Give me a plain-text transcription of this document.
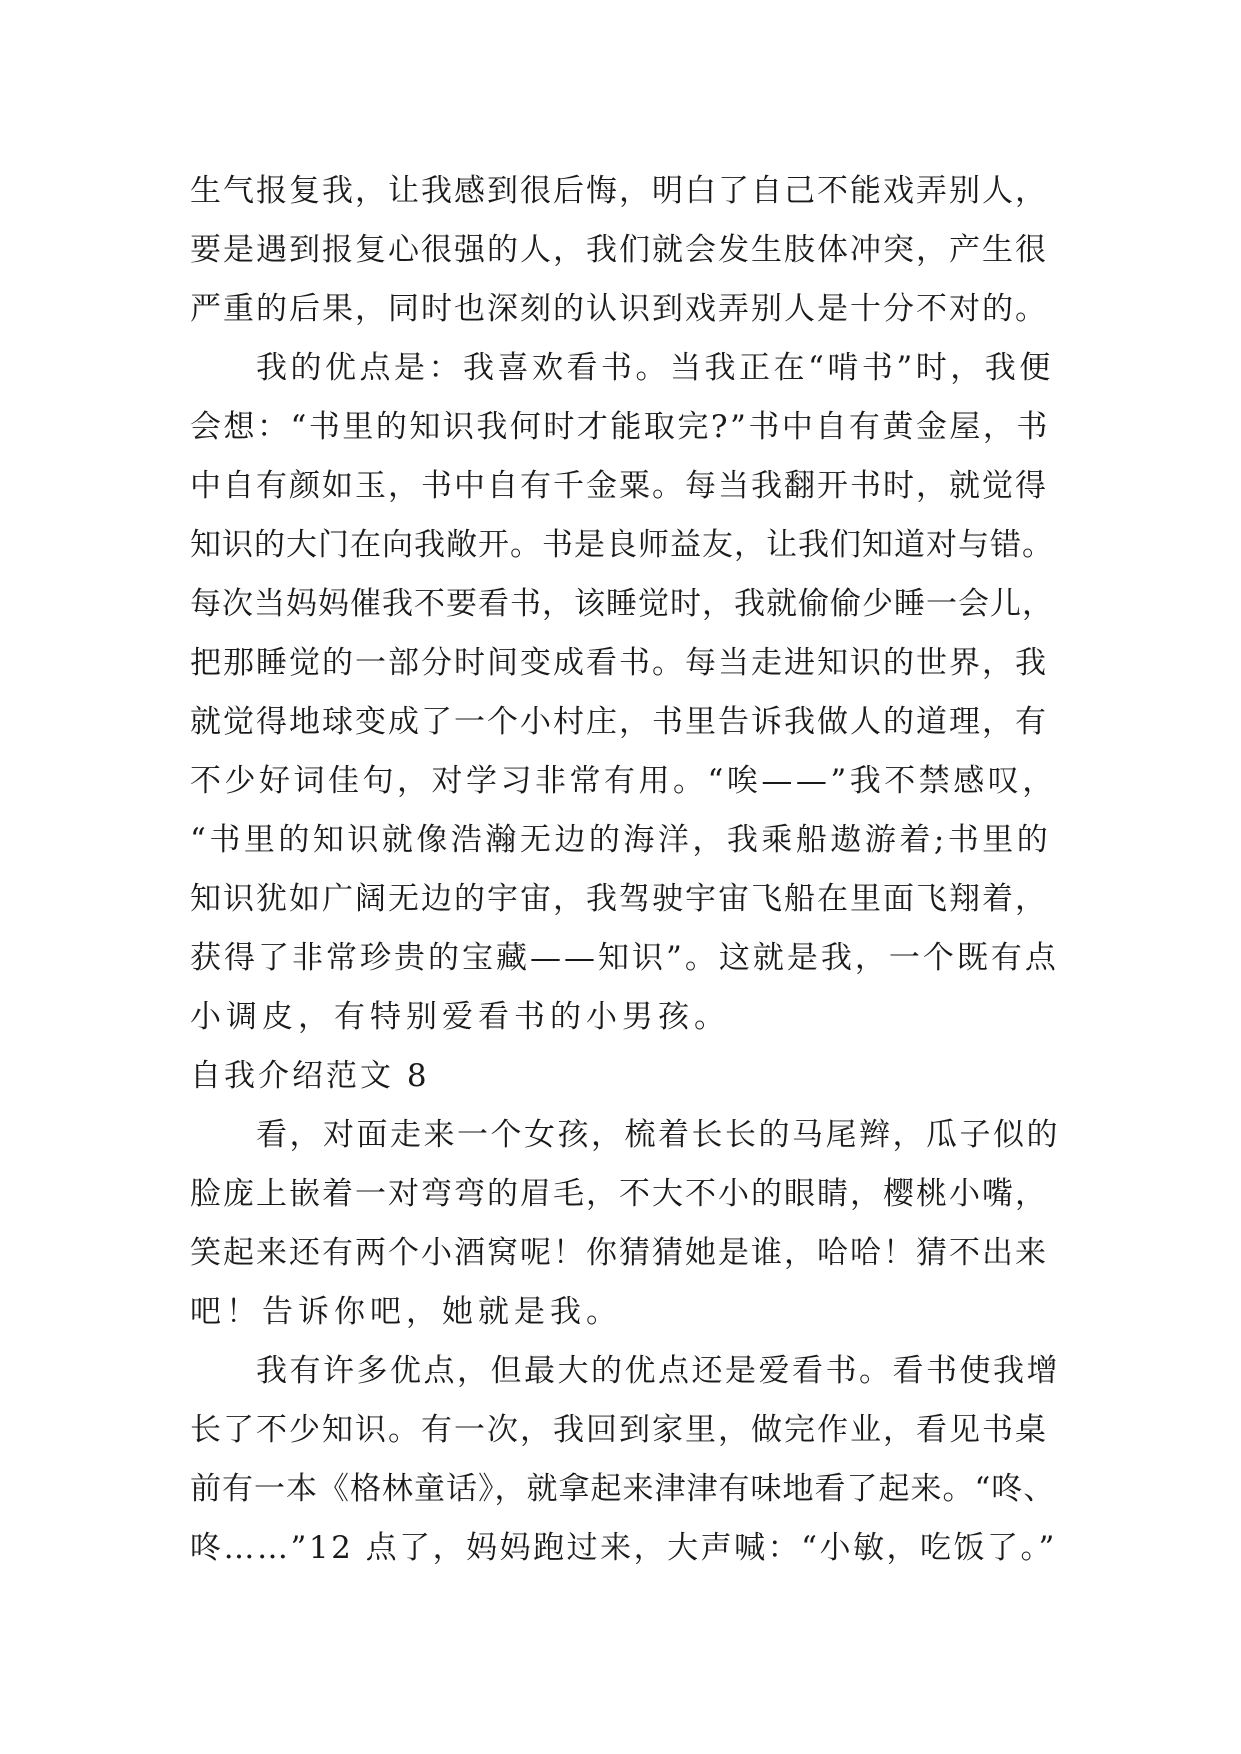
生气报复我，让我感到很后悔，明白了自己不能戏弄别人，
要是遇到报复心很强的人，我们就会发生肢体冲突，产生很
严重的后果，同时也深刻的认识到戏弄别人是十分不对的。
我的优点是：我喜欢看书。当我正在“啃书”时，我便
会想：“书里的知识我何时才能取完?”书中自有黄金屋，书
中自有颜如玉，书中自有千金粟。每当我翻开书时，就觉得
知识的大门在向我敞开。书是良师益友，让我们知道对与错。
每次当妈妈催我不要看书，该睡觉时，我就偷偷少睡一会儿，
把那睡觉的一部分时间变成看书。每当走进知识的世界，我
就觉得地球变成了一个小村庄，书里告诉我做人的道理，有
不少好词佳句，对学习非常有用。“唉——”我不禁感叹，
“书里的知识就像浩瀚无边的海洋，我乘船遨游着;书里的
知识犹如广阔无边的宇宙，我驾驶宇宙飞船在里面飞翔着，
获得了非常珍贵的宝藏——知识”。这就是我，一个既有点
小调皮，有特别爱看书的小男孩。
自我介绍范文 8
看，对面走来一个女孩，梳着长长的马尾辫，瓜子似的
脸庞上嵌着一对弯弯的眉毛，不大不小的眼睛，樱桃小嘴，
笑起来还有两个小酒窝呢！你猜猜她是谁，哈哈！猜不出来
吧！告诉你吧，她就是我。
我有许多优点，但最大的优点还是爱看书。看书使我增
长了不少知识。有一次，我回到家里，做完作业，看见书桌
前有一本《格林童话》，就拿起来津津有味地看了起来。“咚、
咚……”12 点了，妈妈跑过来，大声喊：“小敏，吃饭了。”
